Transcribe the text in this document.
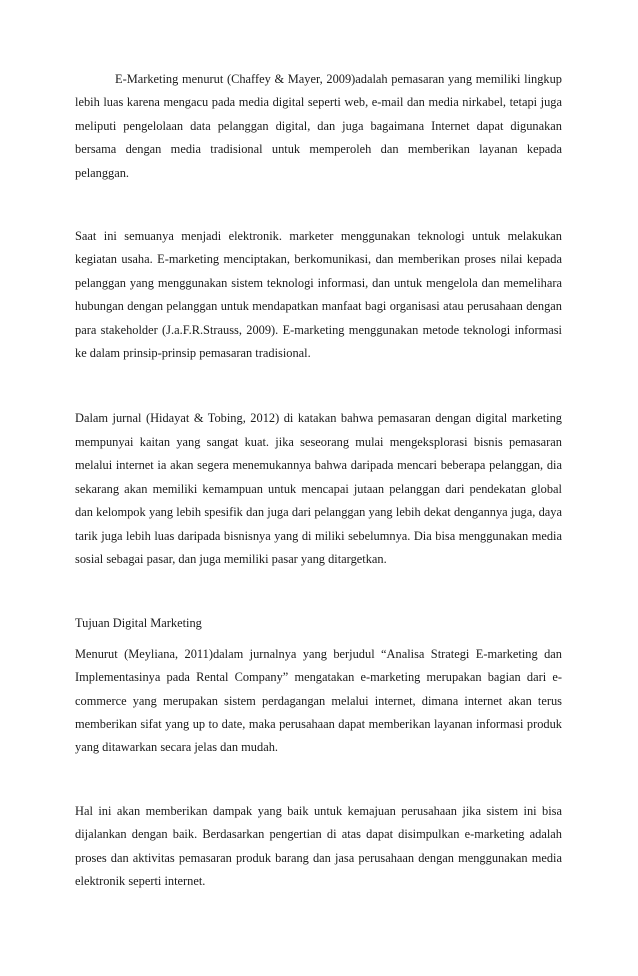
E-Marketing menurut (Chaffey & Mayer, 2009)adalah pemasaran yang memiliki lingkup lebih luas karena mengacu pada media digital seperti web, e-mail dan media nirkabel, tetapi juga meliputi pengelolaan data pelanggan digital, dan juga bagaimana Internet dapat digunakan bersama dengan media tradisional untuk memperoleh dan memberikan layanan kepada pelanggan.

Saat ini semuanya menjadi elektronik. marketer menggunakan teknologi untuk melakukan kegiatan usaha. E-marketing menciptakan, berkomunikasi, dan memberikan proses nilai kepada pelanggan yang menggunakan sistem teknologi informasi, dan untuk mengelola dan memelihara hubungan dengan pelanggan untuk mendapatkan manfaat bagi organisasi atau perusahaan dengan para stakeholder (J.a.F.R.Strauss, 2009). E-marketing menggunakan metode teknologi informasi ke dalam prinsip-prinsip pemasaran tradisional.

Dalam jurnal (Hidayat & Tobing, 2012) di katakan bahwa pemasaran dengan digital marketing mempunyai kaitan yang sangat kuat. jika seseorang mulai mengeksplorasi bisnis pemasaran melalui internet ia akan segera menemukannya bahwa daripada mencari beberapa pelanggan, dia sekarang akan memiliki kemampuan untuk mencapai jutaan pelanggan dari pendekatan global dan kelompok yang lebih spesifik dan juga dari pelanggan yang lebih dekat dengannya juga, daya tarik juga lebih luas daripada bisnisnya yang di miliki sebelumnya. Dia bisa menggunakan media sosial sebagai pasar, dan juga memiliki pasar yang ditargetkan.

Tujuan Digital Marketing

Menurut (Meyliana, 2011)dalam jurnalnya yang berjudul “Analisa Strategi E-marketing dan Implementasinya pada Rental Company” mengatakan e-marketing merupakan bagian dari e-commerce yang merupakan sistem perdagangan melalui internet, dimana internet akan terus memberikan sifat yang up to date, maka perusahaan dapat memberikan layanan informasi produk yang ditawarkan secara jelas dan mudah.

Hal ini akan memberikan dampak yang baik untuk kemajuan perusahaan jika sistem ini bisa dijalankan dengan baik. Berdasarkan pengertian di atas dapat disimpulkan e-marketing adalah proses dan aktivitas pemasaran produk barang dan jasa perusahaan dengan menggunakan media elektronik seperti internet.
